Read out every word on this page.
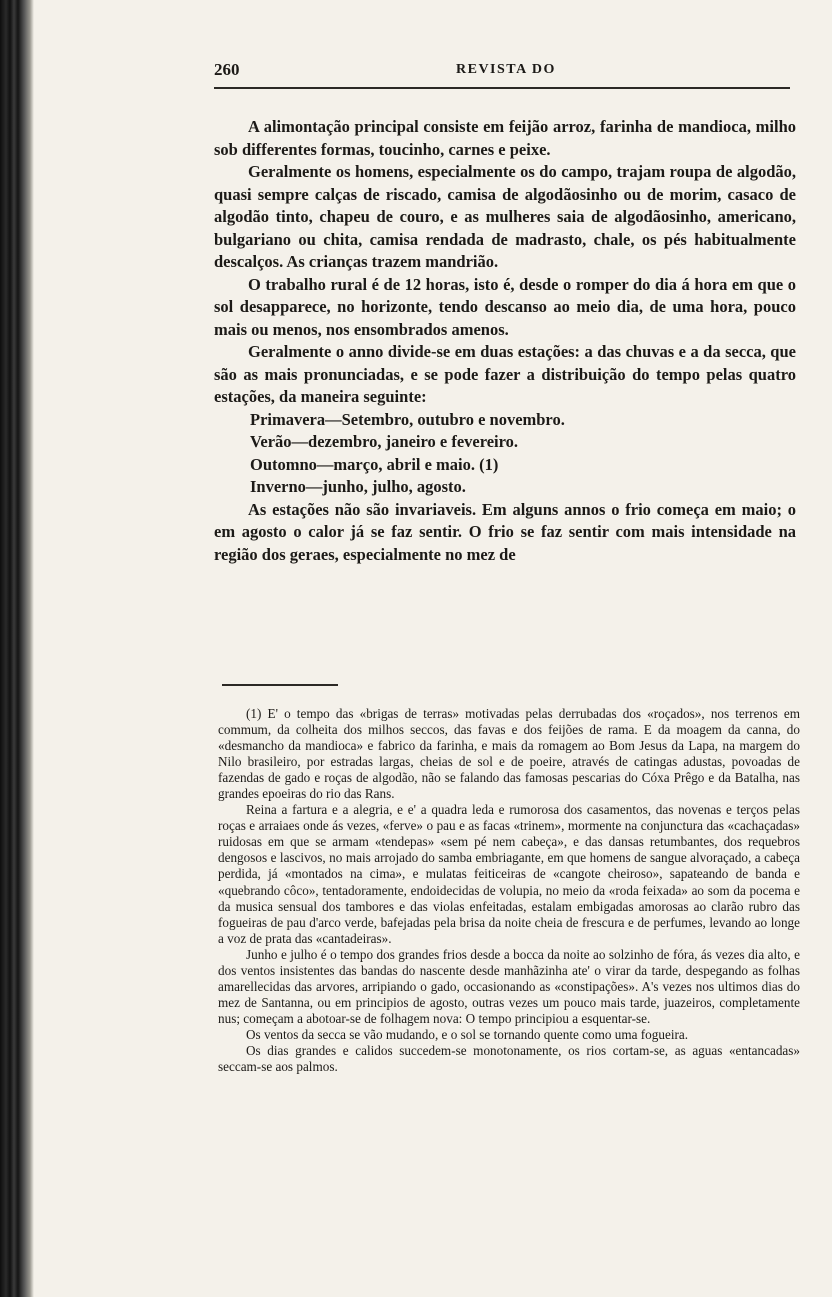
260	REVISTA DO

A alimontação principal consiste em feijão arroz, farinha de mandioca, milho sob differentes formas, toucinho, carnes e peixe.

Geralmente os homens, especialmente os do campo, trajam roupa de algodão, quasi sempre calças de riscado, camisa de algodãosinho ou de morim, casaco de algodão tinto, chapeu de couro, e as mulheres saia de algodãosinho, americano, bulgariano ou chita, camisa rendada de madrasto, chale, os pés habitualmente descalços. As crianças trazem mandrião.

O trabalho rural é de 12 horas, isto é, desde o romper do dia á hora em que o sol desapparece, no horizonte, tendo descanso ao meio dia, de uma hora, pouco mais ou menos, nos ensombrados amenos.

Geralmente o anno divide-se em duas estações: a das chuvas e a da secca, que são as mais pronunciadas, e se pode fazer a distribuição do tempo pelas quatro estações, da maneira seguinte:

Primavera—Setembro, outubro e novembro.
Verão—dezembro, janeiro e fevereiro.
Outomno—março, abril e maio. (1)
Inverno—junho, julho, agosto.

As estações não são invariaveis. Em alguns annos o frio começa em maio; o em agosto o calor já se faz sentir. O frio se faz sentir com mais intensidade na região dos geraes, especialmente no mez de

(1) E' o tempo das «brigas de terras» motivadas pelas derrubadas dos «roçados», nos terrenos em commum, da colheita dos milhos seccos, das favas e dos feijões de rama. E da moagem da canna, do «desmancho da mandioca» e fabrico da farinha, e mais da romagem ao Bom Jesus da Lapa, na margem do Nilo brasileiro, por estradas largas, cheias de sol e de poeire, através de catingas adustas, povoadas de fazendas de gado e roças de algodão, não se falando das famosas pescarias do Cóxa Prêgo e da Batalha, nas grandes epoeiras do rio das Rans.

Reina a fartura e a alegria, e e' a quadra leda e rumorosa dos casamentos, das novenas e terços pelas roças e arraiaes onde ás vezes, «ferve» o pau e as facas «trinem», mormente na conjunctura das «cachaçadas» ruidosas em que se armam «tendepas» «sem pé nem cabeça», e das dansas retumbantes, dos requebros dengosos e lascivos, no mais arrojado do samba embriagante, em que homens de sangue alvoraçado, a cabeça perdida, já «montados na cima», e mulatas feiticeiras de «cangote cheiroso», sapateando de banda e «quebrando côco», tentadoramente, endoidecidas de volupia, no meio da «roda feixada» ao som da pocema e da musica sensual dos tambores e das violas enfeitadas, estalam embigadas amorosas ao clarão rubro das fogueiras de pau d'arco verde, bafejadas pela brisa da noite cheia de frescura e de perfumes, levando ao longe a voz de prata das «cantadeiras».

Junho e julho é o tempo dos grandes frios desde a bocca da noite ao solzinho de fóra, ás vezes dia alto, e dos ventos insistentes das bandas do nascente desde manhãzinha ate' o virar da tarde, despegando as folhas amarellecidas das arvores, arripiando o gado, occasionando as «constipações». A's vezes nos ultimos dias do mez de Santanna, ou em principios de agosto, outras vezes um pouco mais tarde, juazeiros, completamente nus; começam a abotoar-se de folhagem nova: O tempo principiou a esquentar-se.

Os ventos da secca se vão mudando, e o sol se tornando quente como uma fogueira.

Os dias grandes e calidos succedem-se monotonamente, os rios cortam-se, as aguas «entancadas» seccam-se aos palmos.
